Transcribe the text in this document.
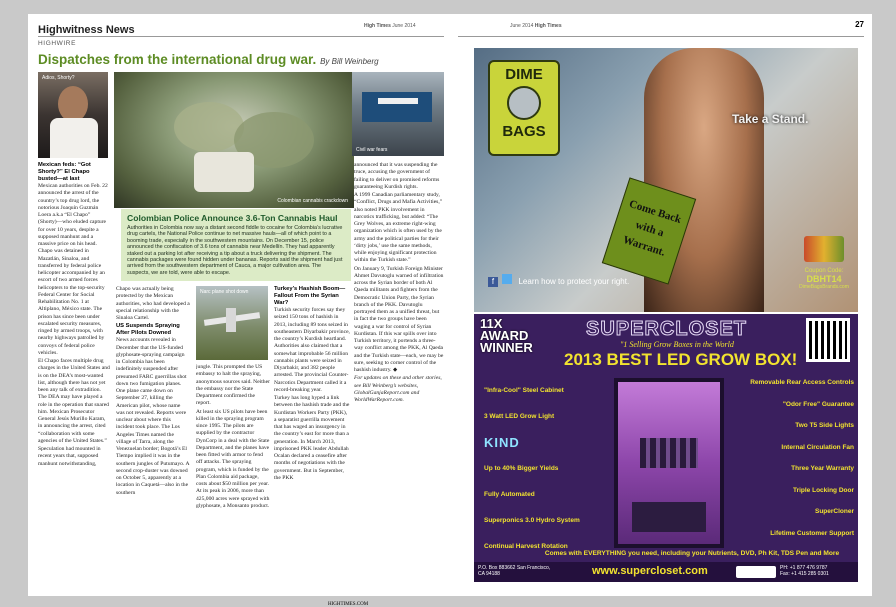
Highwitness News	High Times June 2014
HIGHWIRE
Dispatches from the international drug war. By Bill Weinberg
Adios, Shorty?
Colombian cannabis crackdown
Civil war fears
Colombian Police Announce 3.6-Ton Cannabis Haul

Authorities in Colombia now say a distant second fiddle to cocaine for Colombia’s lucrative drug cartels, the National Police continue to net massive hauls—all of which point to a booming trade, especially in the southwestern mountains. On December 15, police announced the confiscation of 3.6 tons of cannabis near Medellín. They had apparently staked out a parking lot after receiving a tip about a truck delivering the shipment. The cannabis packages were found hidden under bananas. Reports said the shipment had just arrived from the southwestern department of Cauca, a major cultivation area. The suspects, we are told, were able to escape.

Narc plane shot down
Mexican feds: “Got Shorty?” El Chapo busted—at last

Mexican authorities on Feb. 22 announced the arrest of the country’s top drug lord, the notorious Joaquín Guzmán Loera a.k.a “El Chapo” (Shorty)—who eluded capture for over 10 years, despite a supposed manhunt and a massive price on his head. Chapo was detained in Mazatlán, Sinaloa, and transferred by federal police helicopter accompanied by an escort of two armed forces helicopters to the top-security Federal Center for Social Rehabilitation No. 1 at Altiplano, México state. The prison has since been under escalated security measures, ringed by armed troops, with nearby highways patrolled by convoys of federal police vehicles.

El Chapo faces multiple drug charges in the United States and is on the DEA’s most-wanted list, although there has not yet been any talk of extradition. The DEA may have played a role in the operation that snared him. Mexican Prosecutor General Jesús Murillo Karam, in announcing the arrest, cited “collaboration with some agencies of the United States.”

Speculation had mounted in recent years that, supposed manhunt notwithstanding,

Chapo was actually being protected by the Mexican authorities, who had developed a special relationship with the Sinaloa Cartel.

US Suspends Spraying After Pilots Downed

News accounts revealed in December that the US-funded glyphosate-spraying campaign in Colombia has been indefinitely suspended after presumed FARC guerrillas shot down two fumigation planes. One plane came down on September 27, killing the American pilot, whose name was not revealed. Reports were unclear about where this incident took place. The Los Angeles Times named the village of Tarra, along the Venezuelan border; Bogotá’s El Tiempo implied it was in the southern jungles of Putumayo. A second crop-duster was downed on October 5, apparently at a location in Caquetá—also in the southern

jungle. This prompted the US embassy to halt the spraying, anonymous sources said. Neither the embassy nor the State Department confirmed the report.

At least six US pilots have been killed in the spraying program since 1995. The pilots are supplied by the contractor DynCorp in a deal with the State Department, and the planes have been fitted with armor to fend off attacks. The spraying program, which is funded by the Plan Colombia aid package, costs about $50 million per year. At its peak in 2006, more than 425,000 acres were sprayed with glyphosate, a Monsanto product.

Turkey’s Hashish Boom—Fallout From the Syrian War?

Turkish security forces say they seized 150 tons of hashish in 2013, including 89 tons seized in southeastern Diyarbakir province, the country’s Kurdish heartland. Authorities also claimed that a somewhat improbable 56 million cannabis plants were seized in Diyarbakir, and 382 people arrested. The provincial Counter-Narcotics Department called it a record-breaking year.

Turkey has long hyped a link between the hashish trade and the Kurdistan Workers Party (PKK), a separatist guerrilla movement that has waged an insurgency in the country’s east for more than a generation. In March 2013, imprisoned PKK leader Abdullah Ocalan declared a ceasefire after months of negotiations with the government. But in September, the PKK

announced that it was suspending the truce, accusing the government of failing to deliver on promised reforms guaranteeing Kurdish rights.

A 1999 Canadian parliamentary study, “Conflict, Drugs and Mafia Activities,” also noted PKK involvement in narcotics trafficking, but added: “The Grey Wolves, an extreme right-wing organization which is often used by the army and the political parties for their ‘dirty jobs,’ use the same methods, while enjoying significant protection within the Turkish state.”

On January 9, Turkish Foreign Minister Ahmet Davutoglu warned of infiltration across the Syrian border of both Al Qaeda militants and fighters from the Democratic Union Party, the Syrian branch of the PKK. Davutoglu portrayed them as a unified threat, but in fact the two groups have been waging a war for control of Syrian Kurdistan. If this war spills over into Turkish territory, it portends a three-way conflict among the PKK, Al Qaeda and the Turkish state—each, we may be sure, seeking to corner control of the hashish industry. ◆

For updates on these and other stories, see Bill Weinberg’s websites, GlobalGanjaReport.com and WorldWarReport.com.

HIGHTIMES.COM
June 2014 High Times	27
DIME
BAGS
Take a Stand.
Come Back with a Warrant.
f	Learn how to protect your right.
Coupon Code:
DBHT14
DimeBagsBrands.com
11X AWARD WINNER
SUPERCLOSET
"1 Selling Grow Boxes in the World
2013 BEST LED GROW BOX!
"Infra-Cool" Steel Cabinet
3 Watt LED Grow Light
KIND
Up to 40% Bigger Yields
Fully Automated
Superponics 3.0 Hydro System
Continual Harvest Rotation
Removable Rear Access Controls
"Odor Free" Guarantee
Two T5 Side Lights
Internal Circulation Fan
Three Year Warranty
Triple Locking Door
SuperCloner
Lifetime Customer Support
Comes with EVERYTHING you need, including your Nutrients, DVD, Ph Kit, TDS Pen and More
P.O. Box 883662 San Francisco, CA 94188	www.supercloset.com	PH: +1 877 476 9787
Fax: +1 415 285 0301
